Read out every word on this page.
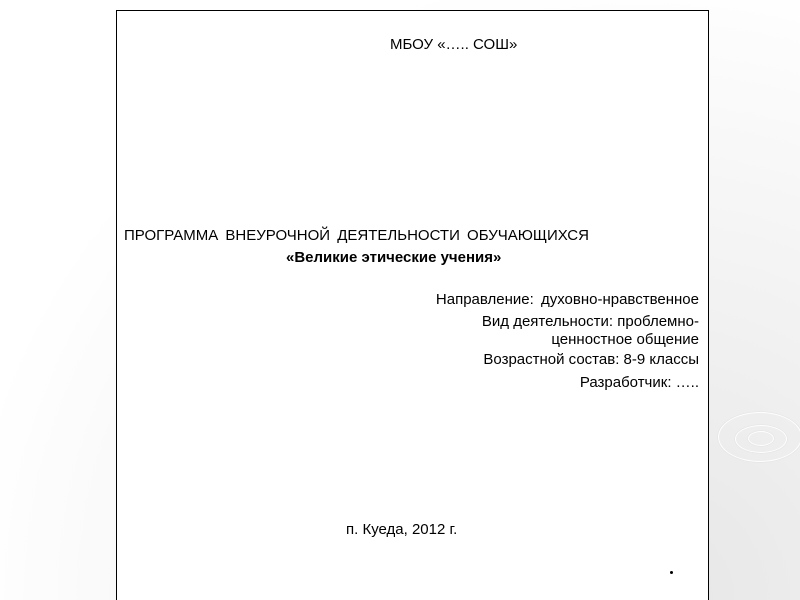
МБОУ «….. СОШ»
ПРОГРАММА ВНЕУРОЧНОЙ ДЕЯТЕЛЬНОСТИ ОБУЧАЮЩИХСЯ
«Великие этические учения»
Направление: духовно-нравственное
Вид деятельности: проблемно-
ценностное общение
Возрастной состав: 8-9 классы
Разработчик: …..
п. Куеда, 2012 г.
